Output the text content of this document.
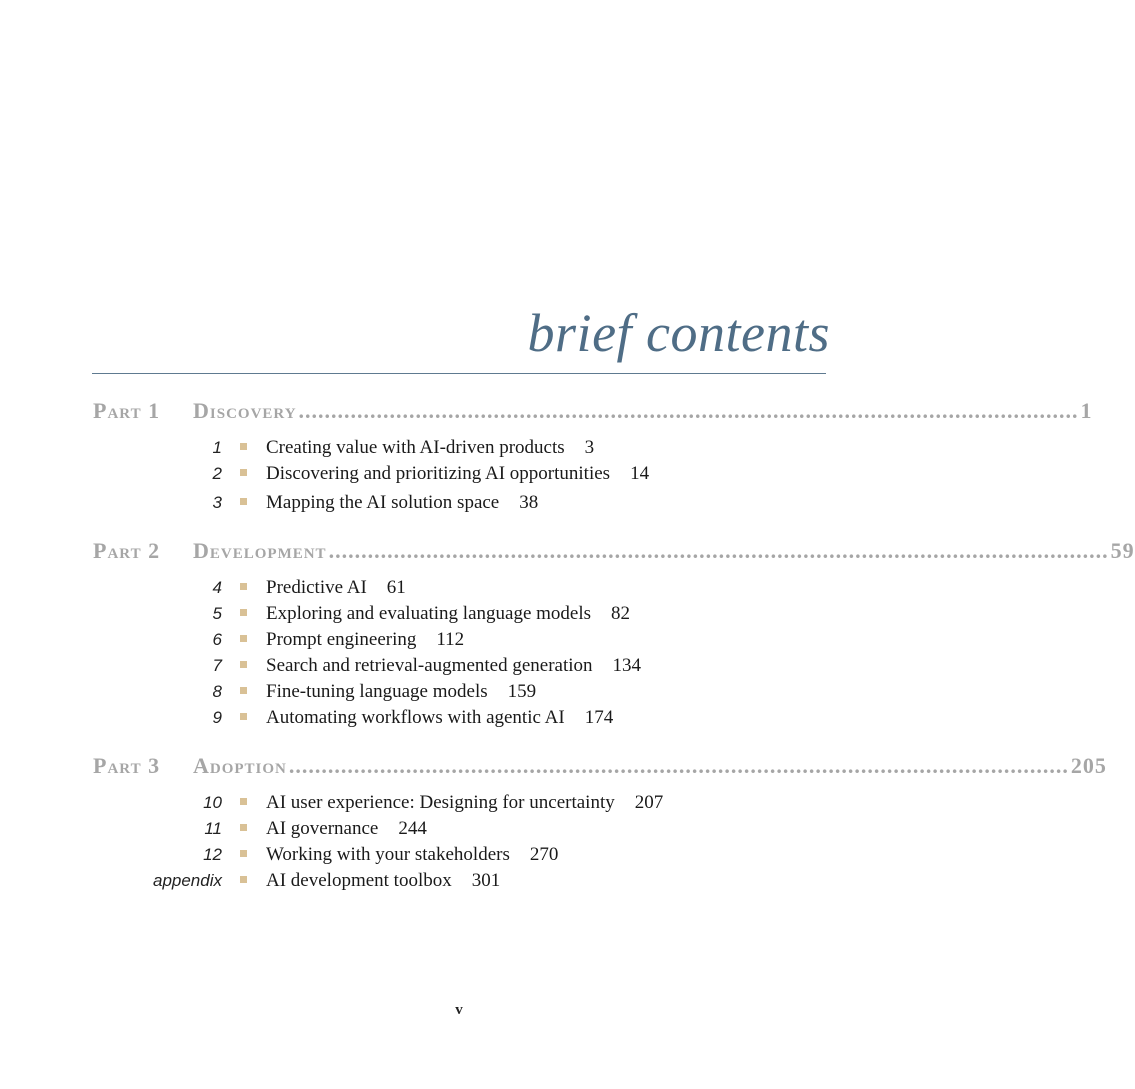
brief contents
Part 1	Discovery ........................................................................................................................ 1
1 Creating value with AI-driven products 3
2 Discovering and prioritizing AI opportunities 14
3 Mapping the AI solution space 38
Part 2	Development ........................................................................................................................ 59
4 Predictive AI 61
5 Exploring and evaluating language models 82
6 Prompt engineering 112
7 Search and retrieval-augmented generation 134
8 Fine-tuning language models 159
9 Automating workflows with agentic AI 174
Part 3	Adoption ........................................................................................................................ 205
10 AI user experience: Designing for uncertainty 207
11 AI governance 244
12 Working with your stakeholders 270
appendix AI development toolbox 301
v
